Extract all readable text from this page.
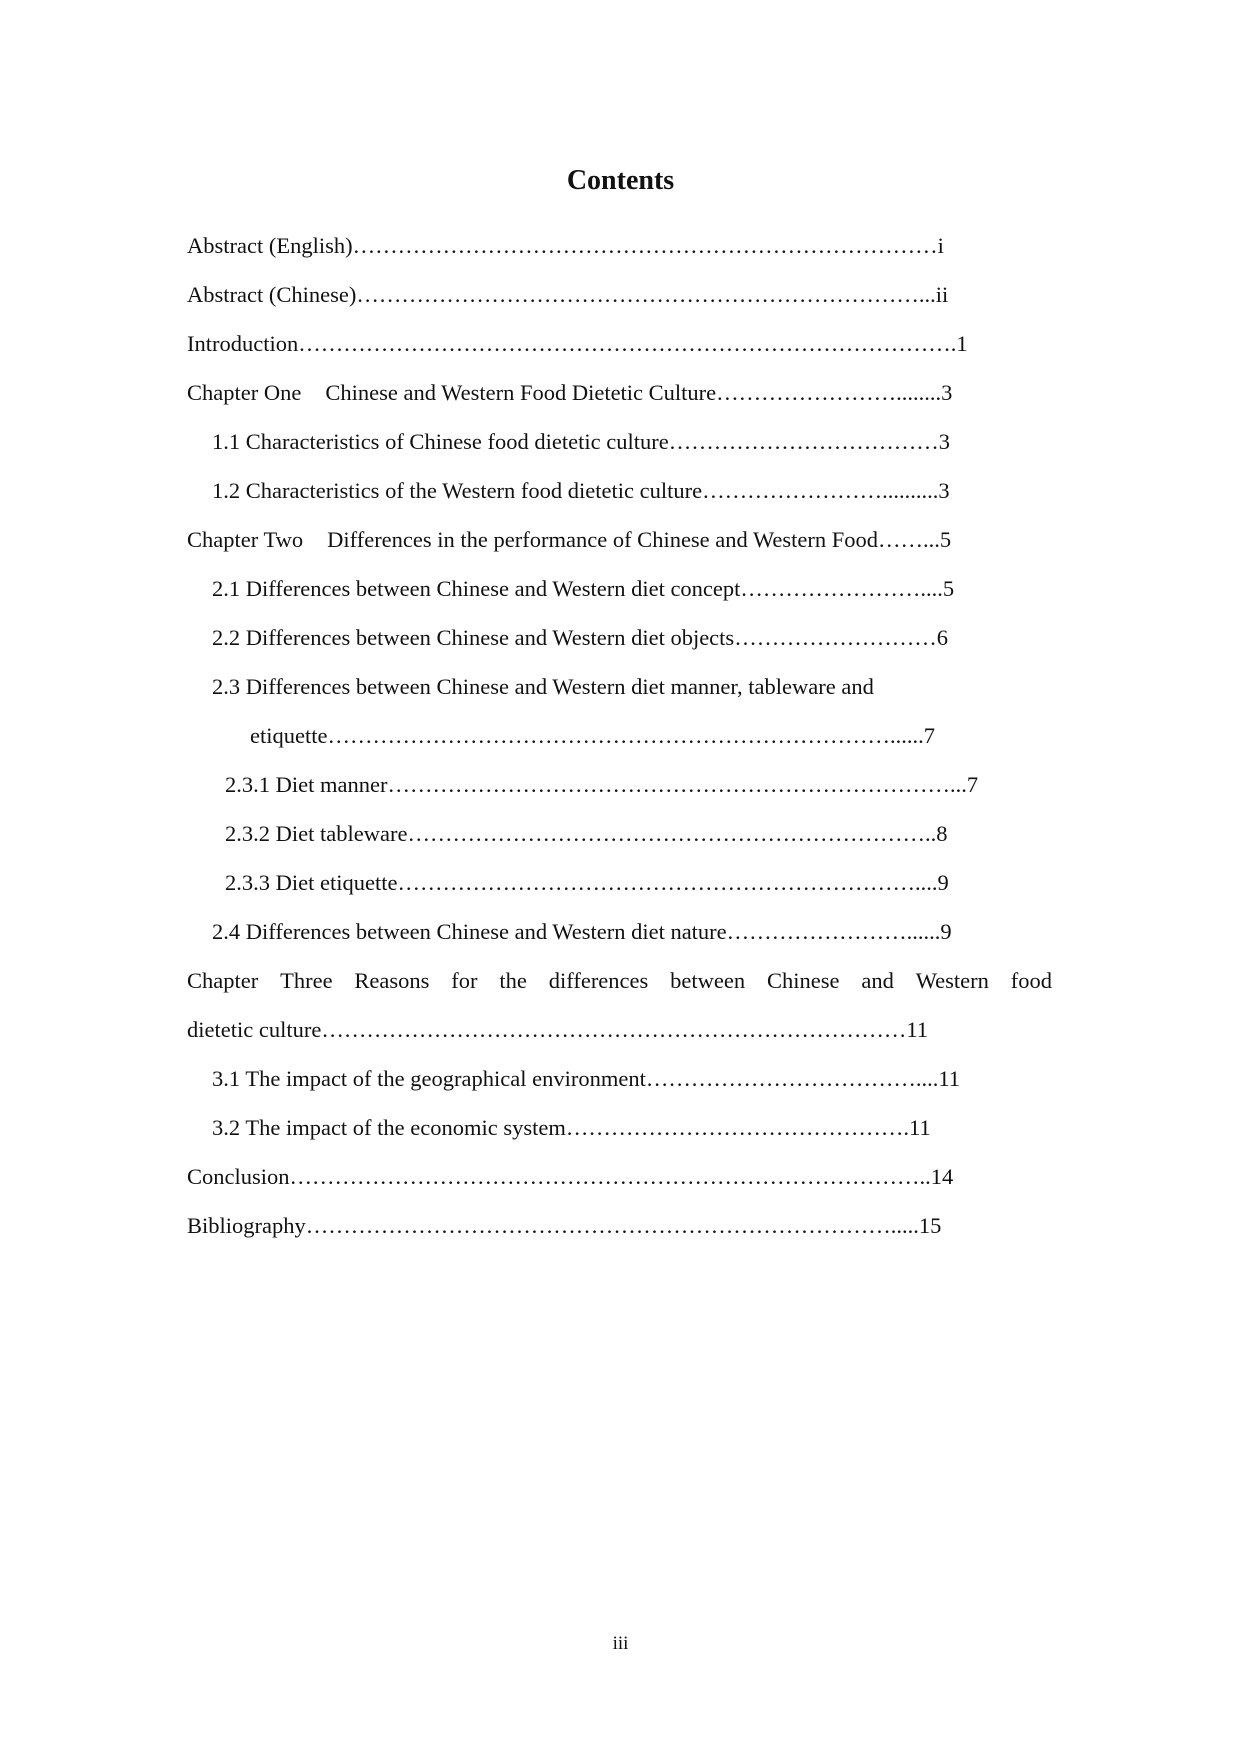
Contents
Abstract (English)……………………………………………………………………i
Abstract (Chinese)…………………………………………………………………...ii
Introduction…………………………………………………………………………….1
Chapter One Chinese and Western Food Dietetic Culture……………………........3
1.1 Characteristics of Chinese food dietetic culture………………………………3
1.2 Characteristics of the Western food dietetic culture……………………..........3
Chapter Two Differences in the performance of Chinese and Western Food……...5
2.1 Differences between Chinese and Western diet concept……………………....5
2.2 Differences between Chinese and Western diet objects………………………6
2.3 Differences between Chinese and Western diet manner, tableware and
etiquette…………………………………………………………………......7
2.3.1 Diet manner…………………………………………………………………...7
2.3.2 Diet tableware……………………………………………………………..8
2.3.3 Diet etiquette……………………………………………………………....9
2.4 Differences between Chinese and Western diet nature……………………......9
Chapter Three Reasons for the differences between Chinese and Western food
dietetic culture……………………………………………………………………11
3.1 The impact of the geographical environment………………………………....11
3.2 The impact of the economic system……………………………………….11
Conclusion…………………………………………………………………………..14
Bibliography…………………………………………………………………….....15
iii
